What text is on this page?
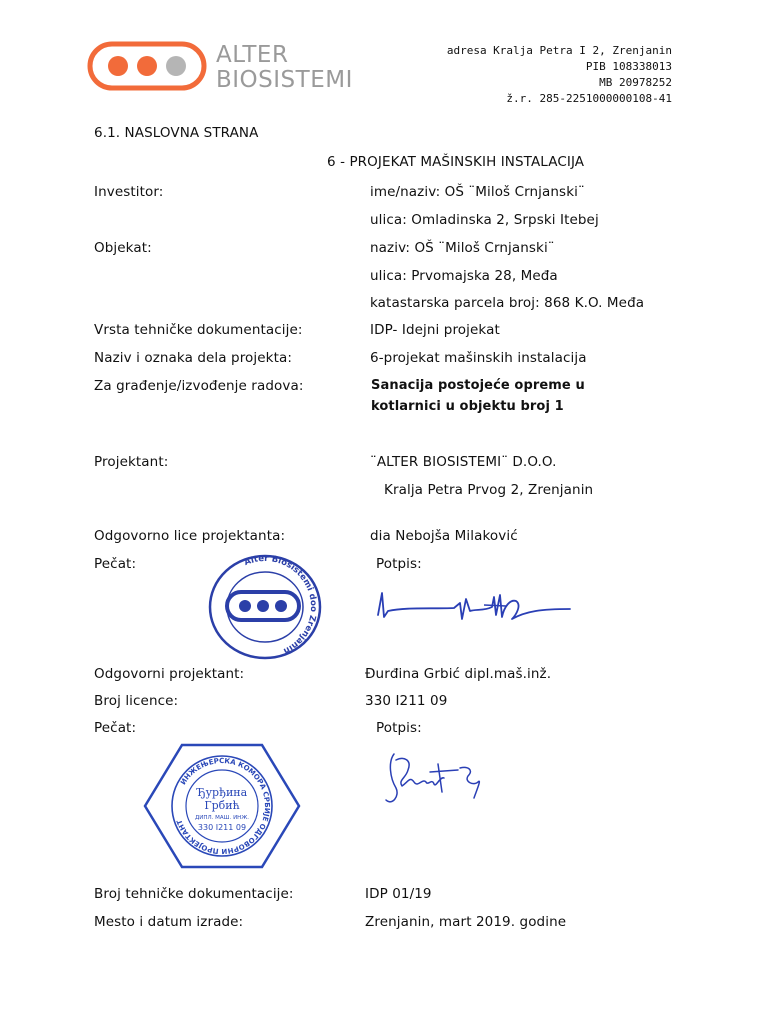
ALTER
BIOSISTEMI
adresa Kralja Petra I 2, Zrenjanin
PIB 108338013
MB 20978252
ž.r. 285-2251000000108-41
6.1. NASLOVNA STRANA
6 - PROJEKAT MAŠINSKIH INSTALACIJA
Investitor:	ime/naziv: OŠ ¨Miloš Crnjanski¨
ulica: Omladinska 2, Srpski Itebej
Objekat:	naziv: OŠ ¨Miloš Crnjanski¨
ulica: Prvomajska 28, Međa
katastarska parcela broj: 868 K.O. Međa
Vrsta tehničke dokumentacije:	IDP- Idejni projekat
Naziv i oznaka dela projekta:	6-projekat mašinskih instalacija
Za građenje/izvođenje radova:	Sanacija postojeće opreme u
kotlarnici u objektu broj 1
Projektant:	¨ALTER BIOSISTEMI¨ D.O.O.
Kralja Petra Prvog 2, Zrenjanin
Odgovorno lice projektanta:	dia Nebojša Milaković
Pečat:	Potpis:
Alter Biosistemi doo Zrenjanin
Odgovorni projektant:	Đurđina Grbić dipl.maš.inž.
Broj licence:	330 I211 09
Pečat:	Potpis:
ИНЖЕЊЕРСКА КОМОРА СРБИЈЕ ОДГОВОРНИ ПРОЈЕКТАНТ
Ђурђина
Грбић
ДИПЛ. МАШ. ИНЖ.
330 I211 09
Broj tehničke dokumentacije:	IDP 01/19
Mesto i datum izrade:	Zrenjanin, mart 2019. godine
